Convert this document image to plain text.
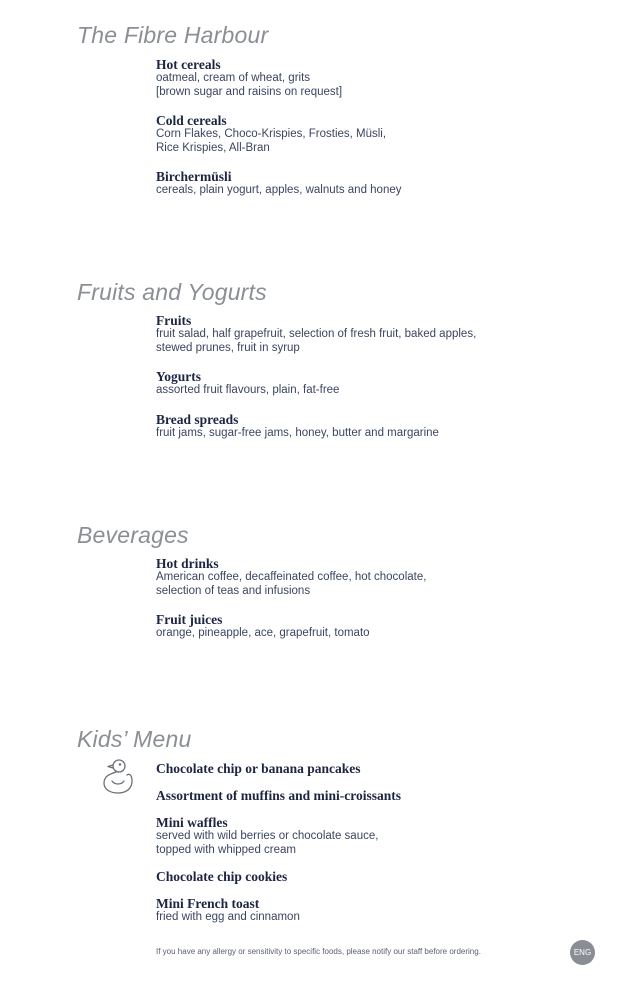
The Fibre Harbour
Hot cereals
oatmeal, cream of wheat, grits
[brown sugar and raisins on request]
Cold cereals
Corn Flakes, Choco-Krispies, Frosties, Müsli,
Rice Krispies, All-Bran
Birchermüsli
cereals, plain yogurt, apples, walnuts and honey
Fruits and Yogurts
Fruits
fruit salad, half grapefruit, selection of fresh fruit, baked apples,
stewed prunes, fruit in syrup
Yogurts
assorted fruit flavours, plain, fat-free
Bread spreads
fruit jams, sugar-free jams, honey, butter and margarine
Beverages
Hot drinks
American coffee, decaffeinated coffee, hot chocolate,
selection of teas and infusions
Fruit juices
orange, pineapple, ace, grapefruit, tomato
Kids’ Menu
Chocolate chip or banana pancakes
Assortment of muffins and mini-croissants
Mini waffles
served with wild berries or chocolate sauce,
topped with whipped cream
Chocolate chip cookies
Mini French toast
fried with egg and cinnamon
If you have any allergy or sensitivity to specific foods, please notify our staff before ordering.	ENG
